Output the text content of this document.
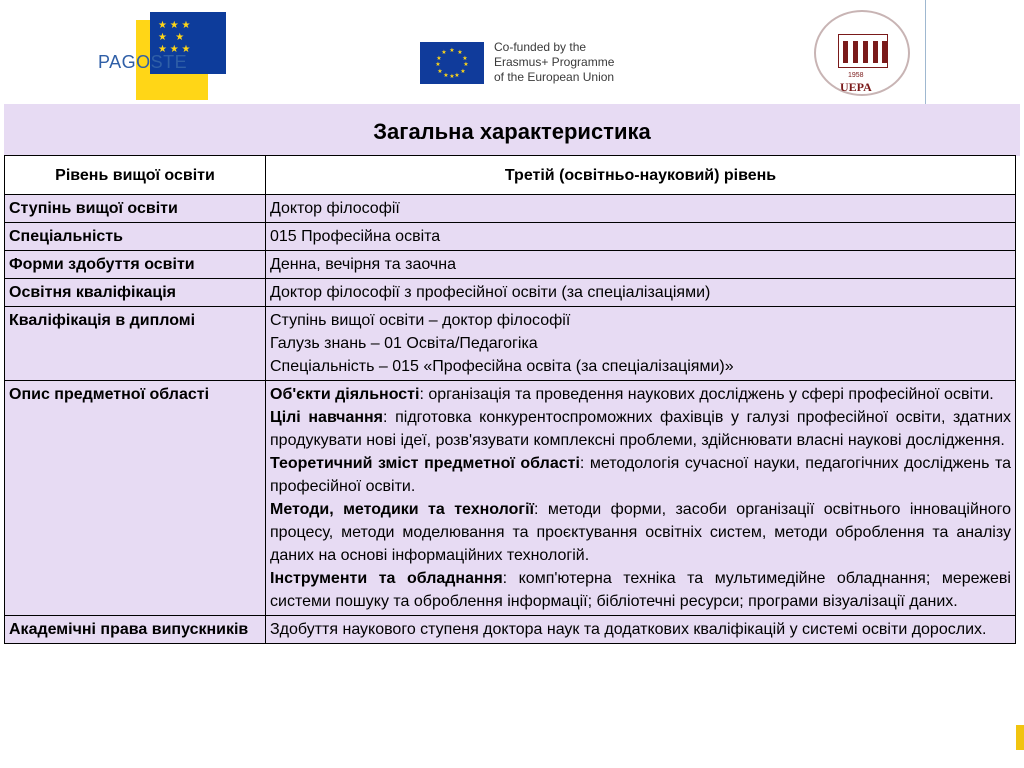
★ ★ ★
★   ★
★ ★ ★
PAGOSTE
★ ★
★
★
★
★
★
★
★
★
★
★	Co-funded by the
Erasmus+ Programme
of the European Union	1958
UEPA
Загальна характеристика
Рівень вищої освіти	Третій (освітньо-науковий) рівень
Ступінь вищої освіти	Доктор філософії
Спеціальність	015 Професійна освіта
Форми здобуття освіти	Денна, вечірня та заочна
Освітня кваліфікація	Доктор філософії з професійної освіти (за спеціалізаціями)
Кваліфікація в дипломі	Ступінь вищої освіти – доктор філософії
Галузь знань – 01 Освіта/Педагогіка
Спеціальність – 015 «Професійна освіта (за спеціалізаціями)»

Опис предметної області	Об'єкти діяльності: організація та проведення наукових досліджень у сфері професійної освіти.
Цілі навчання: підготовка конкурентоспроможних фахівців у галузі професійної освіти, здатних продукувати нові ідеї, розв'язувати комплексні проблеми, здійснювати власні наукові дослідження.
Теоретичний зміст предметної області: методологія сучасної науки, педагогічних досліджень та професійної освіти.
Методи, методики та технології: методи форми, засоби організації освітнього інноваційного процесу, методи моделювання та проєктування освітніх систем, методи оброблення та аналізу даних на основі інформаційних технологій.
Інструменти та обладнання: комп'ютерна техніка та мультимедійне обладнання; мережеві системи пошуку та оброблення інформації; бібліотечні ресурси; програми візуалізації даних.

Академічні права випускників	Здобуття наукового ступеня доктора наук та додаткових кваліфікацій у системі освіти дорослих.
